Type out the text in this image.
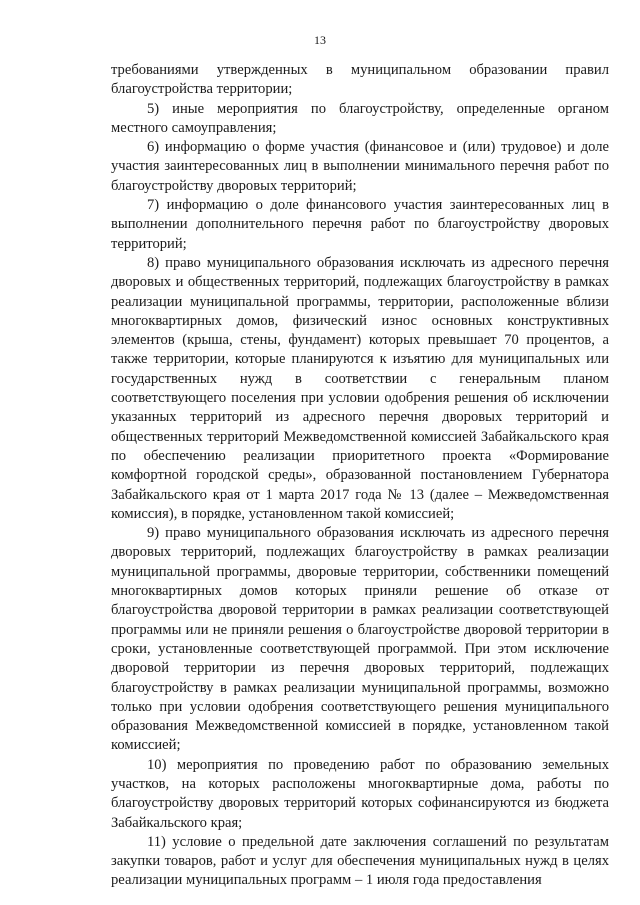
13

требованиями утвержденных в муниципальном образовании правил благоустройства территории;

5) иные мероприятия по благоустройству, определенные органом местного самоуправления;

6) информацию о форме участия (финансовое и (или) трудовое) и доле участия заинтересованных лиц в выполнении минимального перечня работ по благоустройству дворовых территорий;

7) информацию о доле финансового участия заинтересованных лиц в выполнении дополнительного перечня работ по благоустройству дворовых территорий;

8) право муниципального образования исключать из адресного перечня дворовых и общественных территорий, подлежащих благоустройству в рамках реализации муниципальной программы, территории, расположенные вблизи многоквартирных домов, физический износ основных конструктивных элементов (крыша, стены, фундамент) которых превышает 70 процентов, а также территории, которые планируются к изъятию для муниципальных или государственных нужд в соответствии с генеральным планом соответствующего поселения при условии одобрения решения об исключении указанных территорий из адресного перечня дворовых территорий и общественных территорий Межведомственной комиссией Забайкальского края по обеспечению реализации приоритетного проекта «Формирование комфортной городской среды», образованной постановлением Губернатора Забайкальского края от 1 марта 2017 года № 13 (далее – Межведомственная комиссия), в порядке, установленном такой комиссией;

9) право муниципального образования исключать из адресного перечня дворовых территорий, подлежащих благоустройству в рамках реализации муниципальной программы, дворовые территории, собственники помещений многоквартирных домов которых приняли решение об отказе от благоустройства дворовой территории в рамках реализации соответствующей программы или не приняли решения о благоустройстве дворовой территории в сроки, установленные соответствующей программой. При этом исключение дворовой территории из перечня дворовых территорий, подлежащих благоустройству в рамках реализации муниципальной программы, возможно только при условии одобрения соответствующего решения муниципального образования Межведомственной комиссией в порядке, установленном такой комиссией;

10) мероприятия по проведению работ по образованию земельных участков, на которых расположены многоквартирные дома, работы по благоустройству дворовых территорий которых софинансируются из бюджета Забайкальского края;

11) условие о предельной дате заключения соглашений по результатам закупки товаров, работ и услуг для обеспечения муниципальных нужд в целях реализации муниципальных программ – 1 июля года предоставления
